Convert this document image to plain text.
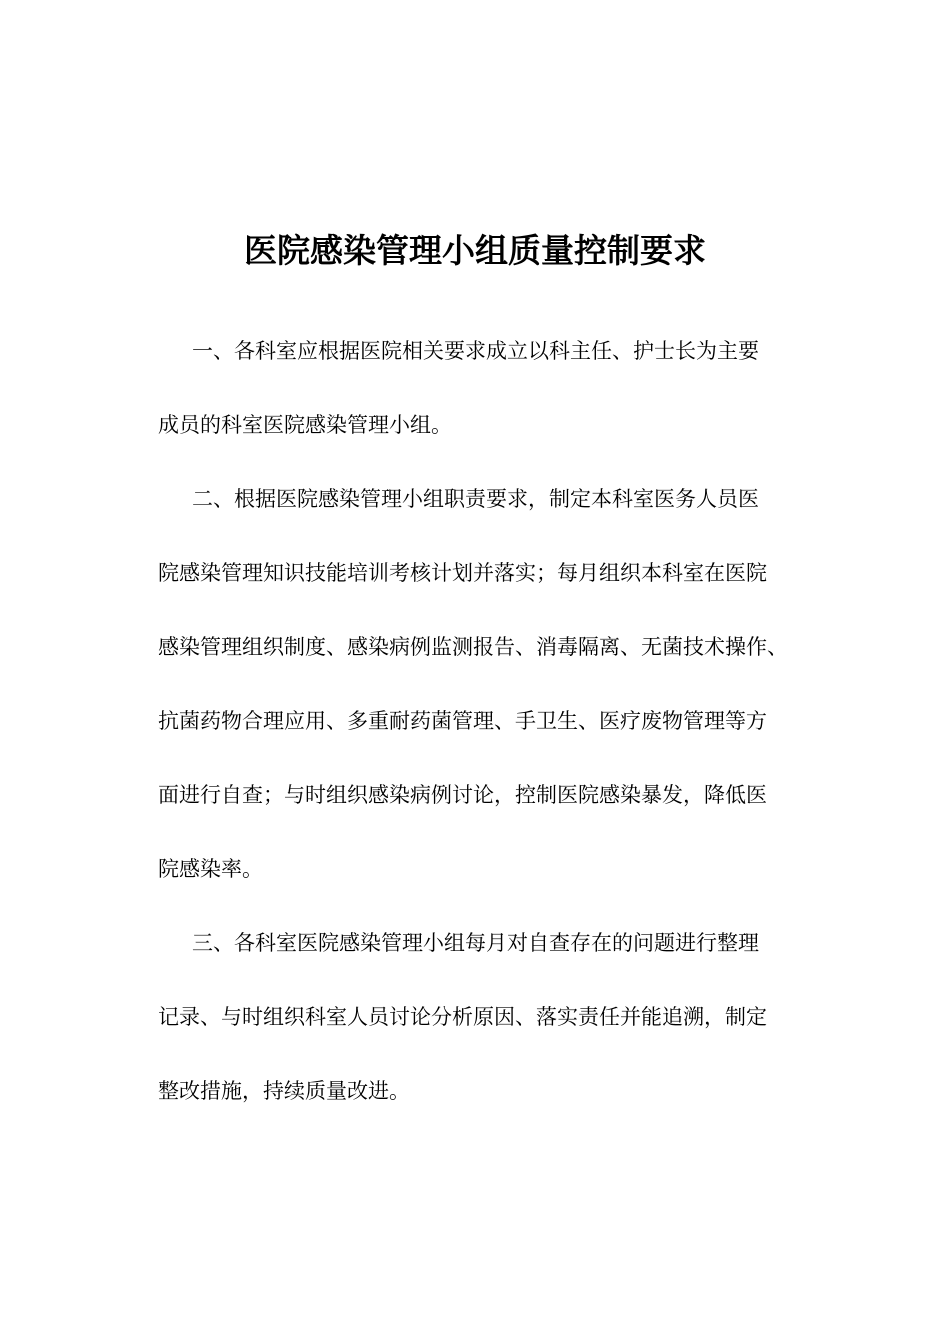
医院感染管理小组质量控制要求

一、各科室应根据医院相关要求成立以科主任、护士长为主要
成员的科室医院感染管理小组。

二、根据医院感染管理小组职责要求，制定本科室医务人员医
院感染管理知识技能培训考核计划并落实；每月组织本科室在医院
感染管理组织制度、感染病例监测报告、消毒隔离、无菌技术操作、
抗菌药物合理应用、多重耐药菌管理、手卫生、医疗废物管理等方
面进行自查；与时组织感染病例讨论，控制医院感染暴发，降低医
院感染率。

三、各科室医院感染管理小组每月对自查存在的问题进行整理
记录、与时组织科室人员讨论分析原因、落实责任并能追溯，制定
整改措施，持续质量改进。
